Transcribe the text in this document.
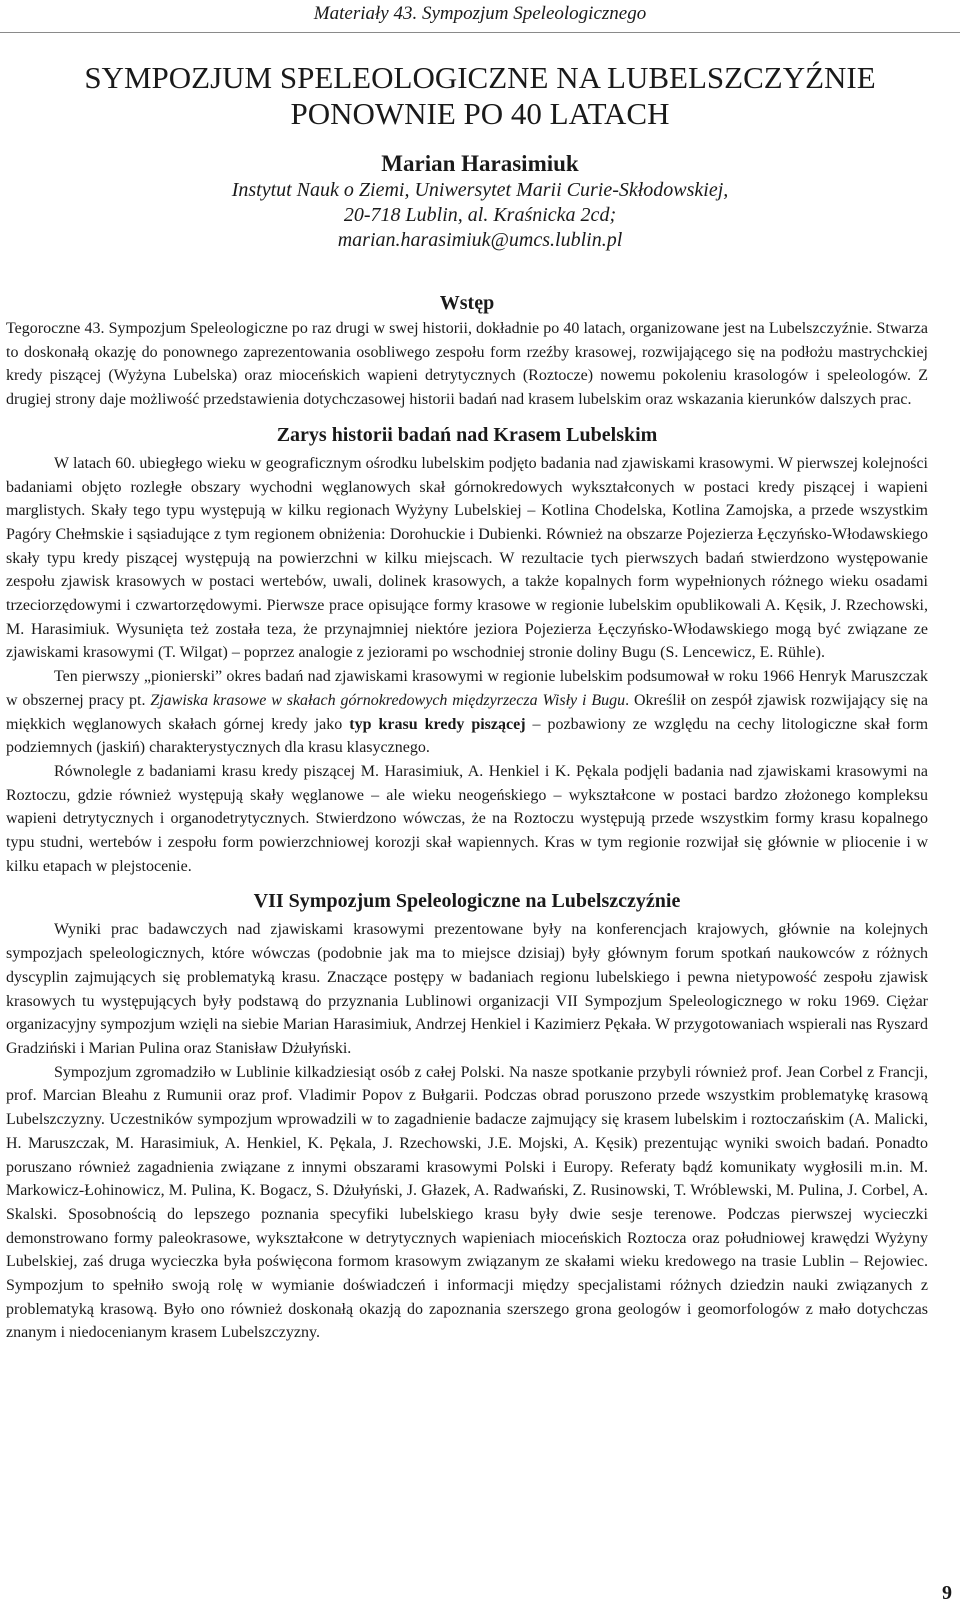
Materiały 43. Sympozjum Speleologicznego
SYMPOZJUM SPELEOLOGICZNE NA LUBELSZCZYŹNIE
PONOWNIE PO 40 LATACH
Marian Harasimiuk
Instytut Nauk o Ziemi, Uniwersytet Marii Curie-Skłodowskiej,
20-718 Lublin, al. Kraśnicka 2cd;
marian.harasimiuk@umcs.lublin.pl
Wstęp

Tegoroczne 43. Sympozjum Speleologiczne po raz drugi w swej historii, dokładnie po 40 latach, organizowane jest na Lubelszczyźnie. Stwarza to doskonałą okazję do ponownego zaprezentowania osobliwego zespołu form rzeźby krasowej, rozwijającego się na podłożu mastrychckiej kredy piszącej (Wyżyna Lubelska) oraz mioceńskich wapieni detrytycznych (Roztocze) nowemu pokoleniu krasologów i speleologów. Z drugiej strony daje możliwość przedstawienia dotychczasowej historii badań nad krasem lubelskim oraz wskazania kierunków dalszych prac.

Zarys historii badań nad Krasem Lubelskim

W latach 60. ubiegłego wieku w geograficznym ośrodku lubelskim podjęto badania nad zjawiskami krasowymi. W pierwszej kolejności badaniami objęto rozległe obszary wychodni węglanowych skał górnokredowych wykształconych w postaci kredy piszącej i wapieni marglistych. Skały tego typu występują w kilku regionach Wyżyny Lubelskiej – Kotlina Chodelska, Kotlina Zamojska, a przede wszystkim Pagóry Chełmskie i sąsiadujące z tym regionem obniżenia: Dorohuckie i Dubienki. Również na obszarze Pojezierza Łęczyńsko-Włodawskiego skały typu kredy piszącej występują na powierzchni w kilku miejscach. W rezultacie tych pierwszych badań stwierdzono występowanie zespołu zjawisk krasowych w postaci wertebów, uwali, dolinek krasowych, a także kopalnych form wypełnionych różnego wieku osadami trzeciorzędowymi i czwartorzędowymi. Pierwsze prace opisujące formy krasowe w regionie lubelskim opublikowali A. Kęsik, J. Rzechowski, M. Harasimiuk. Wysunięta też została teza, że przynajmniej niektóre jeziora Pojezierza Łęczyńsko-Włodawskiego mogą być związane ze zjawiskami krasowymi (T. Wilgat) – poprzez analogie z jeziorami po wschodniej stronie doliny Bugu (S. Lencewicz, E. Rühle).

Ten pierwszy „pionierski” okres badań nad zjawiskami krasowymi w regionie lubelskim podsumował w roku 1966 Henryk Maruszczak w obszernej pracy pt. Zjawiska krasowe w skałach górnokredowych międzyrzecza Wisły i Bugu. Określił on zespół zjawisk rozwijający się na miękkich węglanowych skałach górnej kredy jako typ krasu kredy piszącej – pozbawiony ze względu na cechy litologiczne skał form podziemnych (jaskiń) charakterystycznych dla krasu klasycznego.

Równolegle z badaniami krasu kredy piszącej M. Harasimiuk, A. Henkiel i K. Pękala podjęli badania nad zjawiskami krasowymi na Roztoczu, gdzie również występują skały węglanowe – ale wieku neogeńskiego – wykształcone w postaci bardzo złożonego kompleksu wapieni detrytycznych i organodetrytycznych. Stwierdzono wówczas, że na Roztoczu występują przede wszystkim formy krasu kopalnego typu studni, wertebów i zespołu form powierzchniowej korozji skał wapiennych. Kras w tym regionie rozwijał się głównie w pliocenie i w kilku etapach w plejstocenie.

VII Sympozjum Speleologiczne na Lubelszczyźnie

Wyniki prac badawczych nad zjawiskami krasowymi prezentowane były na konferencjach krajowych, głównie na kolejnych sympozjach speleologicznych, które wówczas (podobnie jak ma to miejsce dzisiaj) były głównym forum spotkań naukowców z różnych dyscyplin zajmujących się problematyką krasu. Znaczące postępy w badaniach regionu lubelskiego i pewna nietypowość zespołu zjawisk krasowych tu występujących były podstawą do przyznania Lublinowi organizacji VII Sympozjum Speleologicznego w roku 1969. Ciężar organizacyjny sympozjum wzięli na siebie Marian Harasimiuk, Andrzej Henkiel i Kazimierz Pękała. W przygotowaniach wspierali nas Ryszard Gradziński i Marian Pulina oraz Stanisław Dżułyński.

Sympozjum zgromadziło w Lublinie kilkadziesiąt osób z całej Polski. Na nasze spotkanie przybyli również prof. Jean Corbel z Francji, prof. Marcian Bleahu z Rumunii oraz prof. Vladimir Popov z Bułgarii. Podczas obrad poruszono przede wszystkim problematykę krasową Lubelszczyzny. Uczestników sympozjum wprowadzili w to zagadnienie badacze zajmujący się krasem lubelskim i roztoczańskim (A. Malicki, H. Maruszczak, M. Harasimiuk, A. Henkiel, K. Pękala, J. Rzechowski, J.E. Mojski, A. Kęsik) prezentując wyniki swoich badań. Ponadto poruszano również zagadnienia związane z innymi obszarami krasowymi Polski i Europy. Referaty bądź komunikaty wygłosili m.in. M. Markowicz-Łohinowicz, M. Pulina, K. Bogacz, S. Dżułyński, J. Głazek, A. Radwański, Z. Rusinowski, T. Wróblewski, M. Pulina, J. Corbel, A. Skalski. Sposobnością do lepszego poznania specyfiki lubelskiego krasu były dwie sesje terenowe. Podczas pierwszej wycieczki demonstrowano formy paleokrasowe, wykształcone w detrytycznych wapieniach mioceńskich Roztocza oraz południowej krawędzi Wyżyny Lubelskiej, zaś druga wycieczka była poświęcona formom krasowym związanym ze skałami wieku kredowego na trasie Lublin – Rejowiec. Sympozjum to spełniło swoją rolę w wymianie doświadczeń i informacji między specjalistami różnych dziedzin nauki związanych z problematyką krasową. Było ono również doskonałą okazją do zapoznania szerszego grona geologów i geomorfologów z mało dotychczas znanym i niedocenianym krasem Lubelszczyzny.

9
